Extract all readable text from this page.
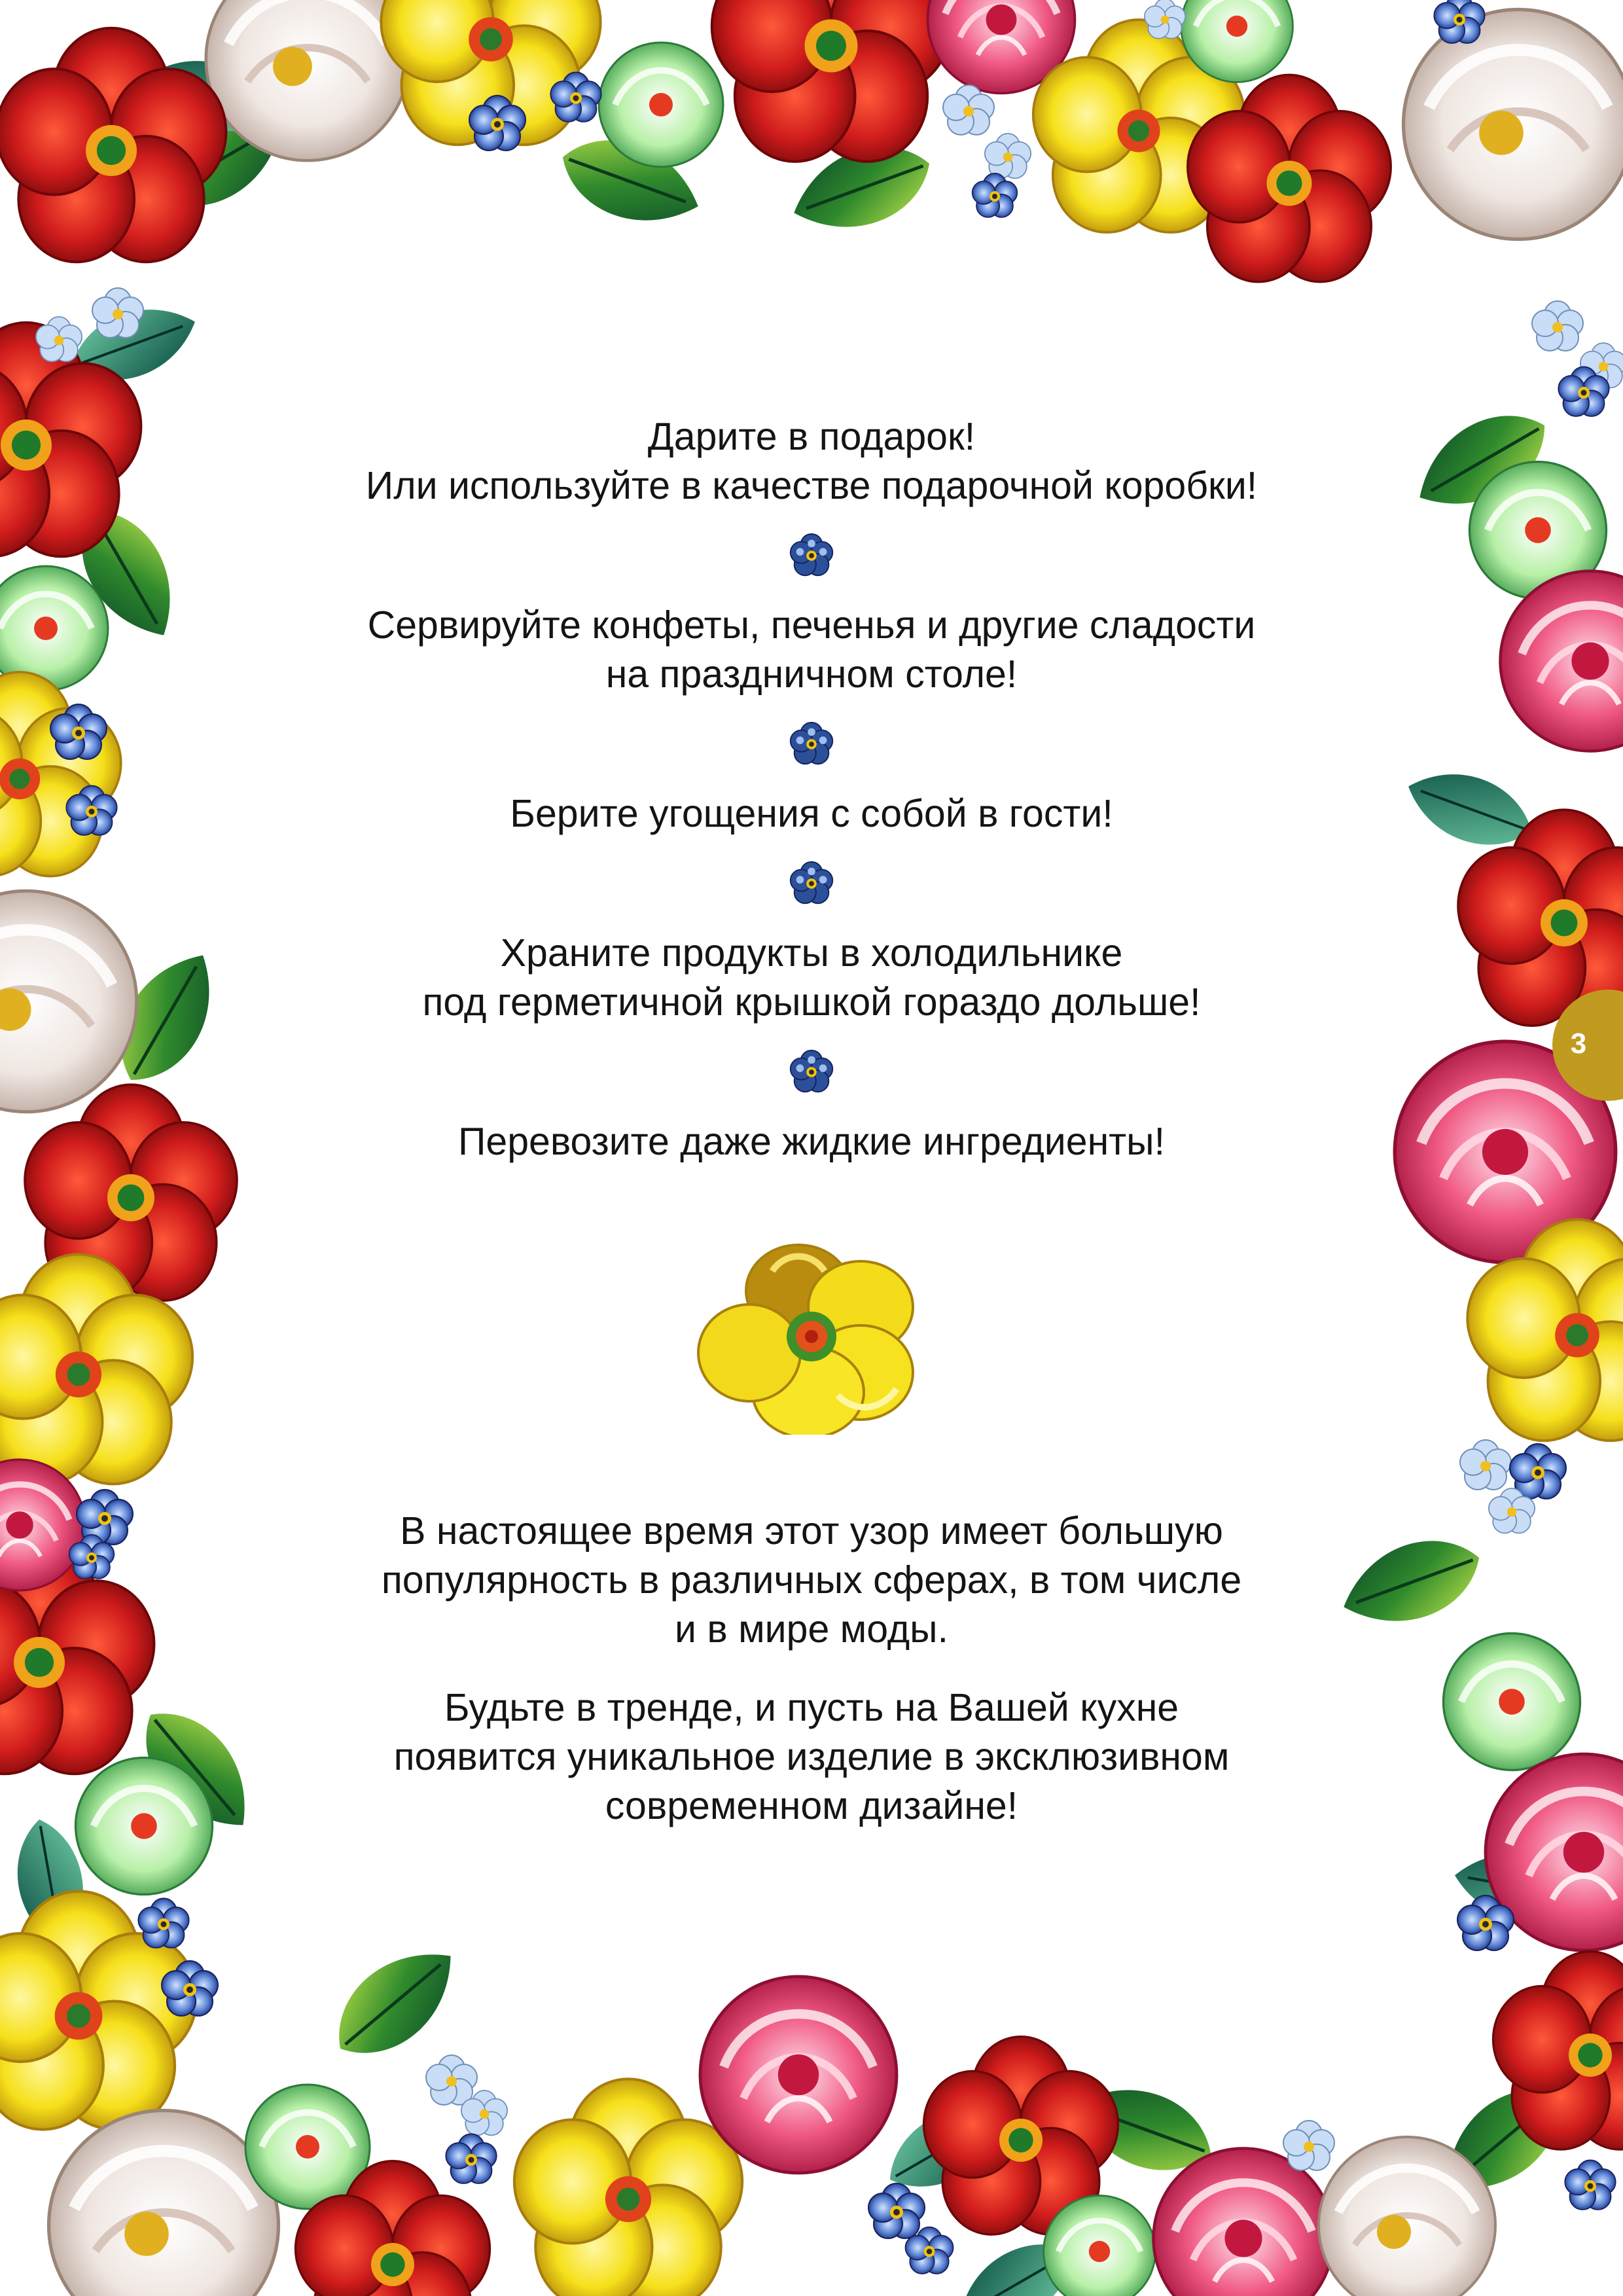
Дарите в подарок!
Или используйте в качестве подарочной коробки!

Сервируйте конфеты, печенья и другие сладости
на праздничном столе!

Берите угощения с собой в гости!

Храните продукты в холодильнике
под герметичной крышкой гораздо дольше!

Перевозите даже жидкие ингредиенты!

В настоящее время этот узор имеет большую
популярность в различных сферах, в том числе
и в мире моды.

Будьте в тренде, и пусть на Вашей кухне
появится уникальное изделие в эксклюзивном
современном дизайне!

3
